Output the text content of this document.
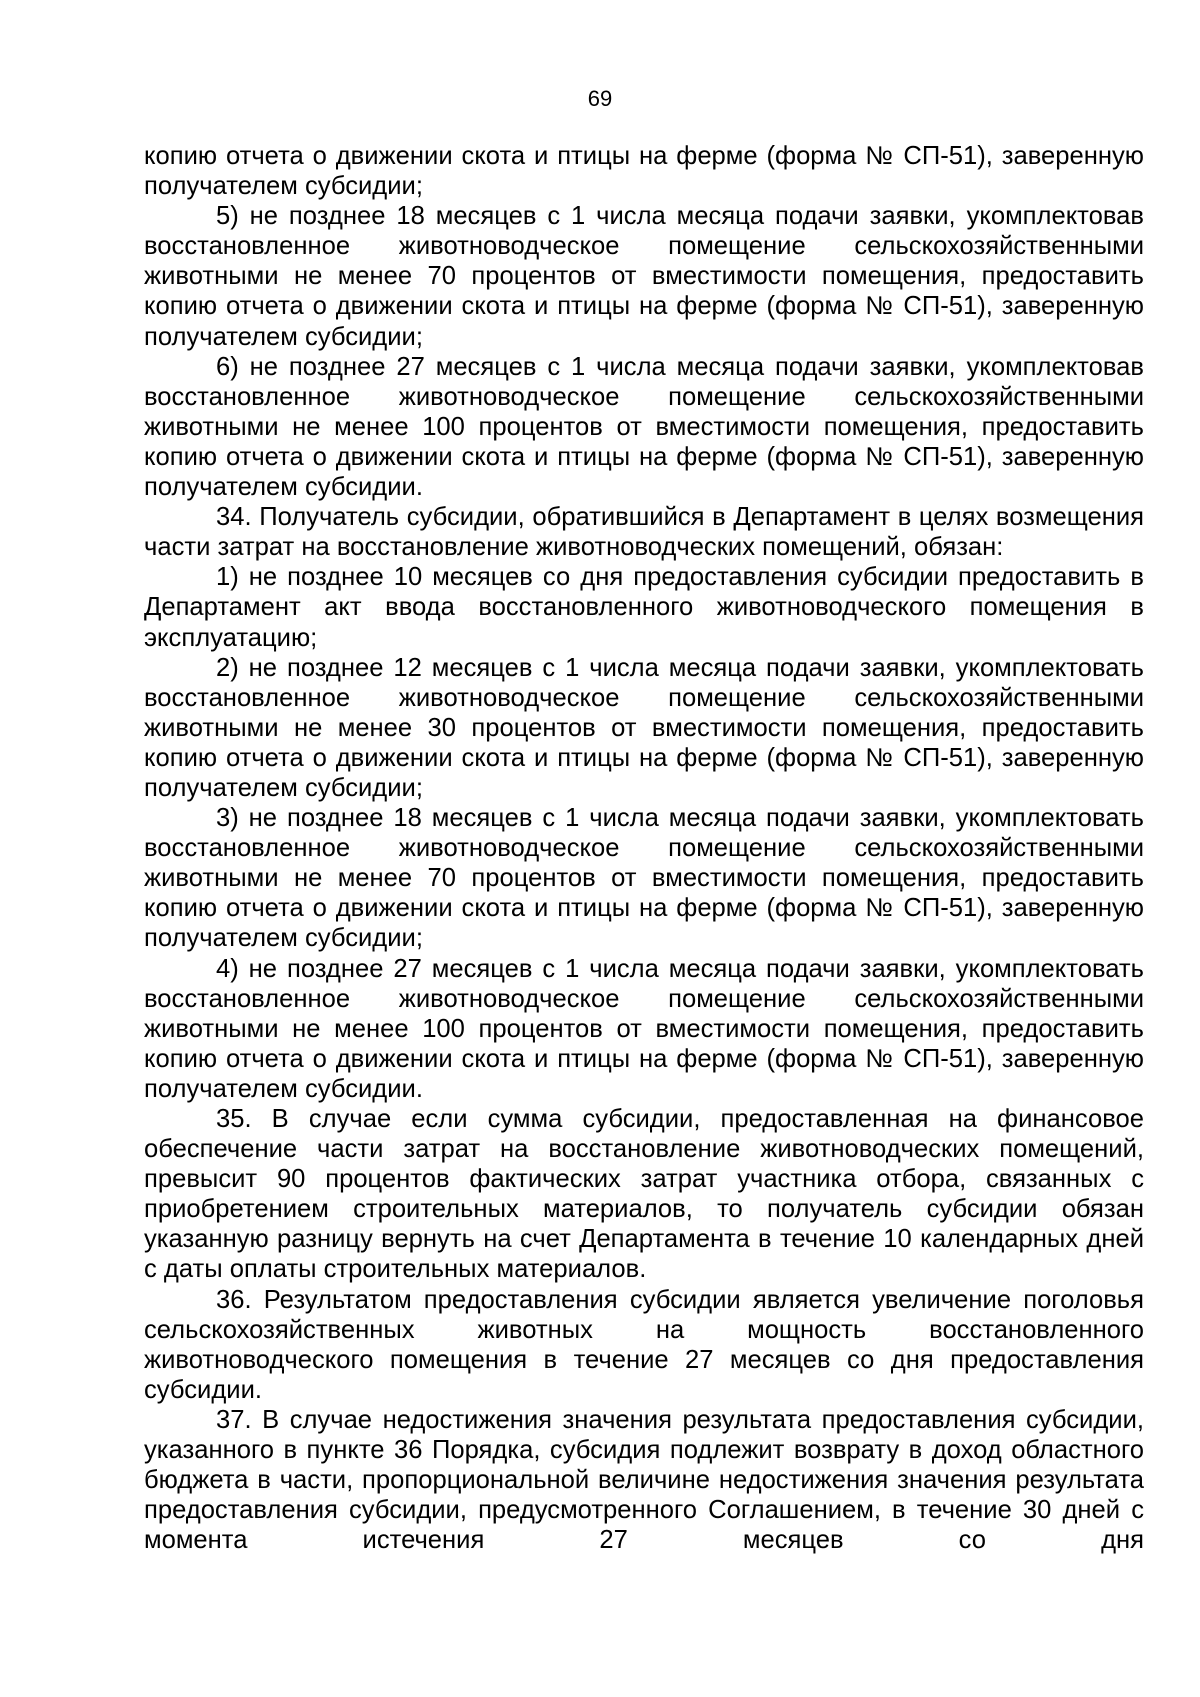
69

копию отчета о движении скота и птицы на ферме (форма № СП-51), заверенную получателем субсидии;

5) не позднее 18 месяцев с 1 числа месяца подачи заявки, укомплектовав восстановленное животноводческое помещение сельскохозяйственными животными не менее 70 процентов от вместимости помещения, предоставить копию отчета о движении скота и птицы на ферме (форма № СП-51), заверенную получателем субсидии;

6) не позднее 27 месяцев с 1 числа месяца подачи заявки, укомплектовав восстановленное животноводческое помещение сельскохозяйственными животными не менее 100 процентов от вместимости помещения, предоставить копию отчета о движении скота и птицы на ферме (форма № СП-51), заверенную получателем субсидии.

34. Получатель субсидии, обратившийся в Департамент в целях возмещения части затрат на восстановление животноводческих помещений, обязан:

1) не позднее 10 месяцев со дня предоставления субсидии предоставить в Департамент акт ввода восстановленного животноводческого помещения в эксплуатацию;

2) не позднее 12 месяцев с 1 числа месяца подачи заявки, укомплектовать восстановленное животноводческое помещение сельскохозяйственными животными не менее 30 процентов от вместимости помещения, предоставить копию отчета о движении скота и птицы на ферме (форма № СП-51), заверенную получателем субсидии;

3) не позднее 18 месяцев с 1 числа месяца подачи заявки, укомплектовать восстановленное животноводческое помещение сельскохозяйственными животными не менее 70 процентов от вместимости помещения, предоставить копию отчета о движении скота и птицы на ферме (форма № СП-51), заверенную получателем субсидии;

4) не позднее 27 месяцев с 1 числа месяца подачи заявки, укомплектовать восстановленное животноводческое помещение сельскохозяйственными животными не менее 100 процентов от вместимости помещения, предоставить копию отчета о движении скота и птицы на ферме (форма № СП-51), заверенную получателем субсидии.

35. В случае если сумма субсидии, предоставленная на финансовое обеспечение части затрат на восстановление животноводческих помещений, превысит 90 процентов фактических затрат участника отбора, связанных с приобретением строительных материалов, то получатель субсидии обязан указанную разницу вернуть на счет Департамента в течение 10 календарных дней с даты оплаты строительных материалов.

36. Результатом предоставления субсидии является увеличение поголовья сельскохозяйственных животных на мощность восстановленного животноводческого помещения в течение 27 месяцев со дня предоставления субсидии.

37. В случае недостижения значения результата предоставления субсидии, указанного в пункте 36 Порядка, субсидия подлежит возврату в доход областного бюджета в части, пропорциональной величине недостижения значения результата предоставления субсидии, предусмотренного Соглашением, в течение 30 дней с момента истечения 27 месяцев со дня
